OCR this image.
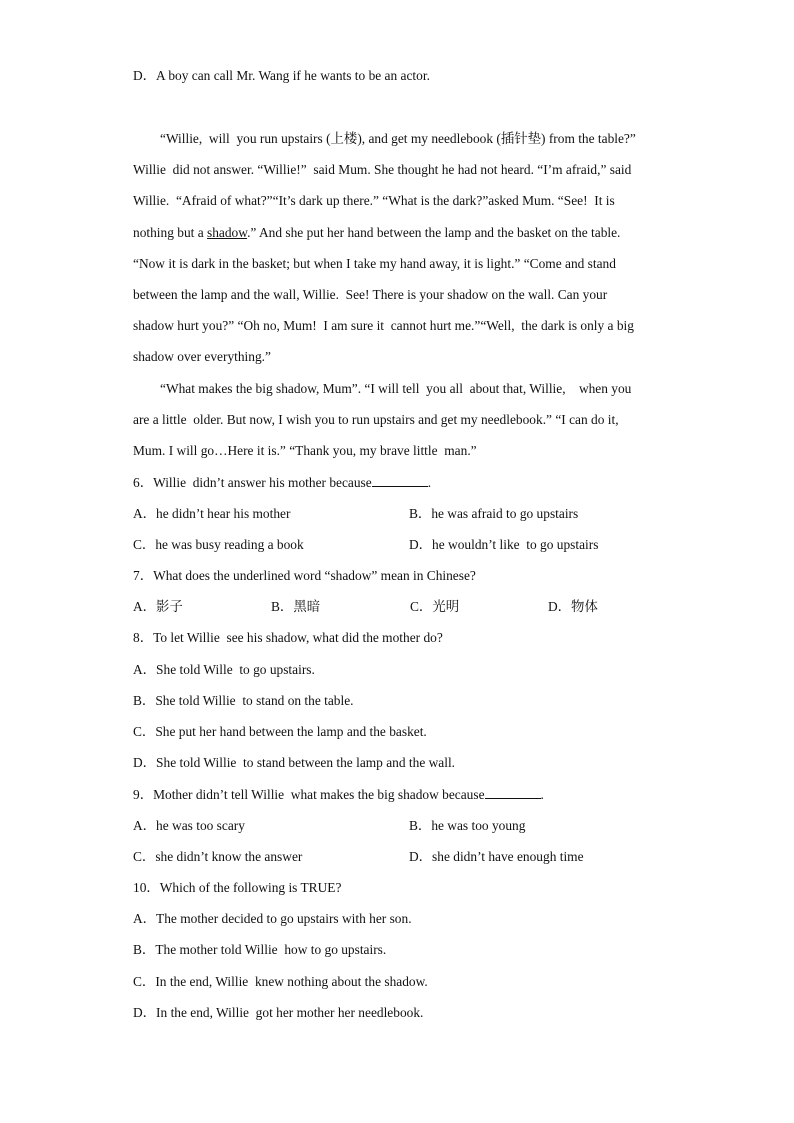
D．A boy can call Mr. Wang if he wants to be an actor.
“Willie,  will  you run upstairs (上楼), and get my needlebook (插针垫) from the table?”
Willie  did not answer. “Willie!”  said Mum. She thought he had not heard. “I’m afraid,” said
Willie.  “Afraid of what?”“It’s dark up there.” “What is the dark?”asked Mum. “See!  It is
nothing but a shadow.” And she put her hand between the lamp and the basket on the table.
“Now it is dark in the basket; but when I take my hand away, it is light.” “Come and stand
between the lamp and the wall, Willie.  See! There is your shadow on the wall. Can your
shadow hurt you?” “Oh no, Mum!  I am sure it  cannot hurt me.”“Well,  the dark is only a big
shadow over everything.”
“What makes the big shadow, Mum”. “I will tell  you all  about that, Willie,    when you
are a little  older. But now, I wish you to run upstairs and get my needlebook.” “I can do it,
Mum. I will go…Here it is.” “Thank you, my brave little  man.”
6．Willie  didn’t answer his mother because	.
A．he didn’t hear his mother	B．he was afraid to go upstairs
C．he was busy reading a book	D．he wouldn’t like  to go upstairs
7．What does the underlined word “shadow” mean in Chinese?
A．影子	B．黑暗	C．光明	D．物体
8．To let Willie  see his shadow, what did the mother do?
A．She told Wille  to go upstairs.
B．She told Willie  to stand on the table.
C．She put her hand between the lamp and the basket.
D．She told Willie  to stand between the lamp and the wall.
9．Mother didn’t tell Willie  what makes the big shadow because	.
A．he was too scary	B．he was too young
C．she didn’t know the answer	D．she didn’t have enough time
10．Which of the following is TRUE?
A．The mother decided to go upstairs with her son.
B．The mother told Willie  how to go upstairs.
C．In the end, Willie  knew nothing about the shadow.
D．In the end, Willie  got her mother her needlebook.
